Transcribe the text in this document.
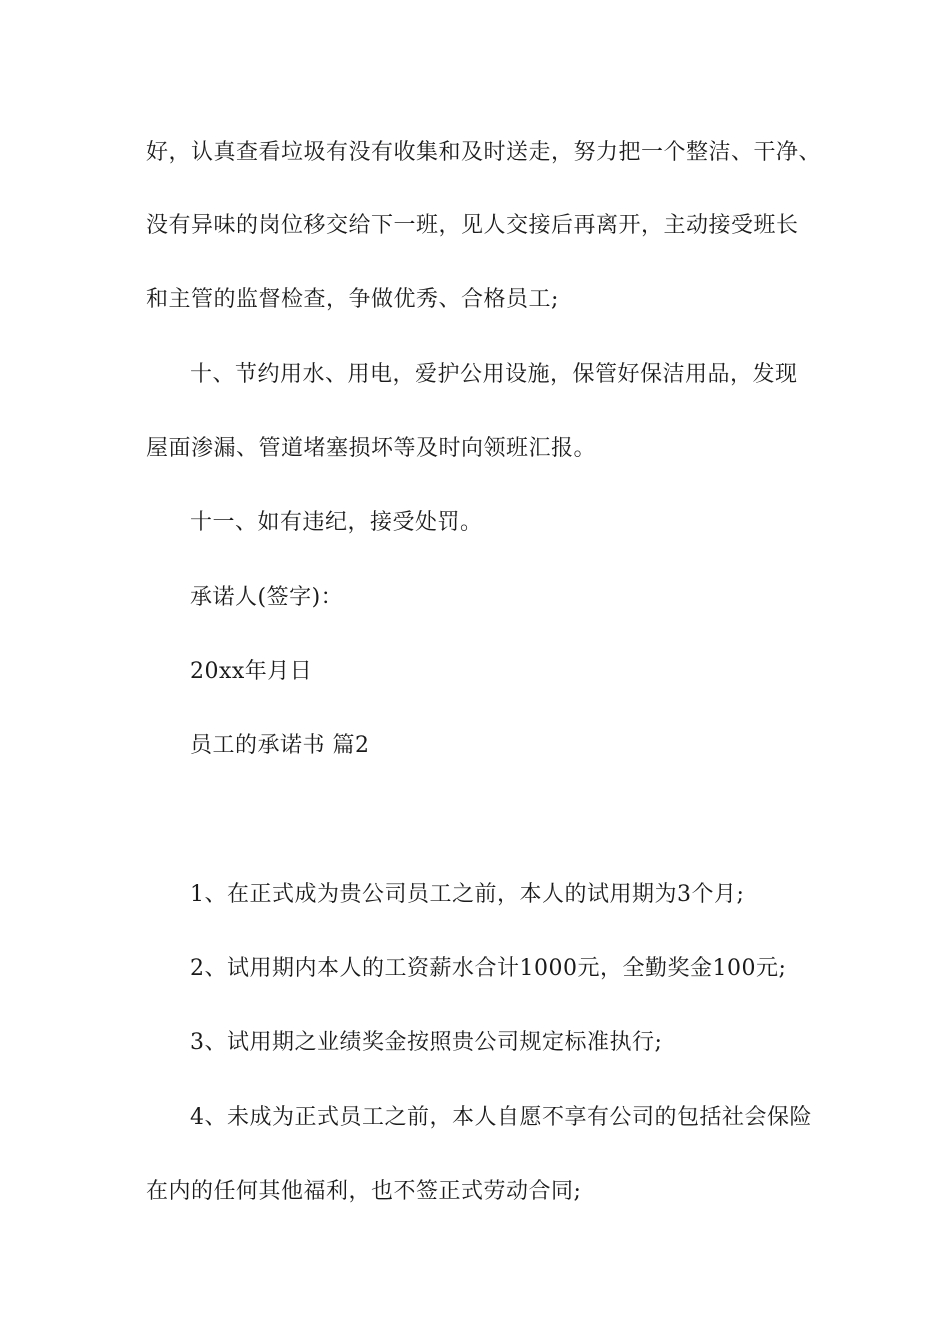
好，认真查看垃圾有没有收集和及时送走，努力把一个整洁、干净、
没有异味的岗位移交给下一班，见人交接后再离开，主动接受班长
和主管的监督检查，争做优秀、合格员工;
十、节约用水、用电，爱护公用设施，保管好保洁用品，发现
屋面渗漏、管道堵塞损坏等及时向领班汇报。
十一、如有违纪，接受处罚。
承诺人(签字)：
20xx年月日
员工的承诺书 篇2
1、在正式成为贵公司员工之前，本人的试用期为3个月;
2、试用期内本人的工资薪水合计1000元，全勤奖金100元;
3、试用期之业绩奖金按照贵公司规定标准执行;
4、未成为正式员工之前，本人自愿不享有公司的包括社会保险
在内的任何其他福利，也不签正式劳动合同;
